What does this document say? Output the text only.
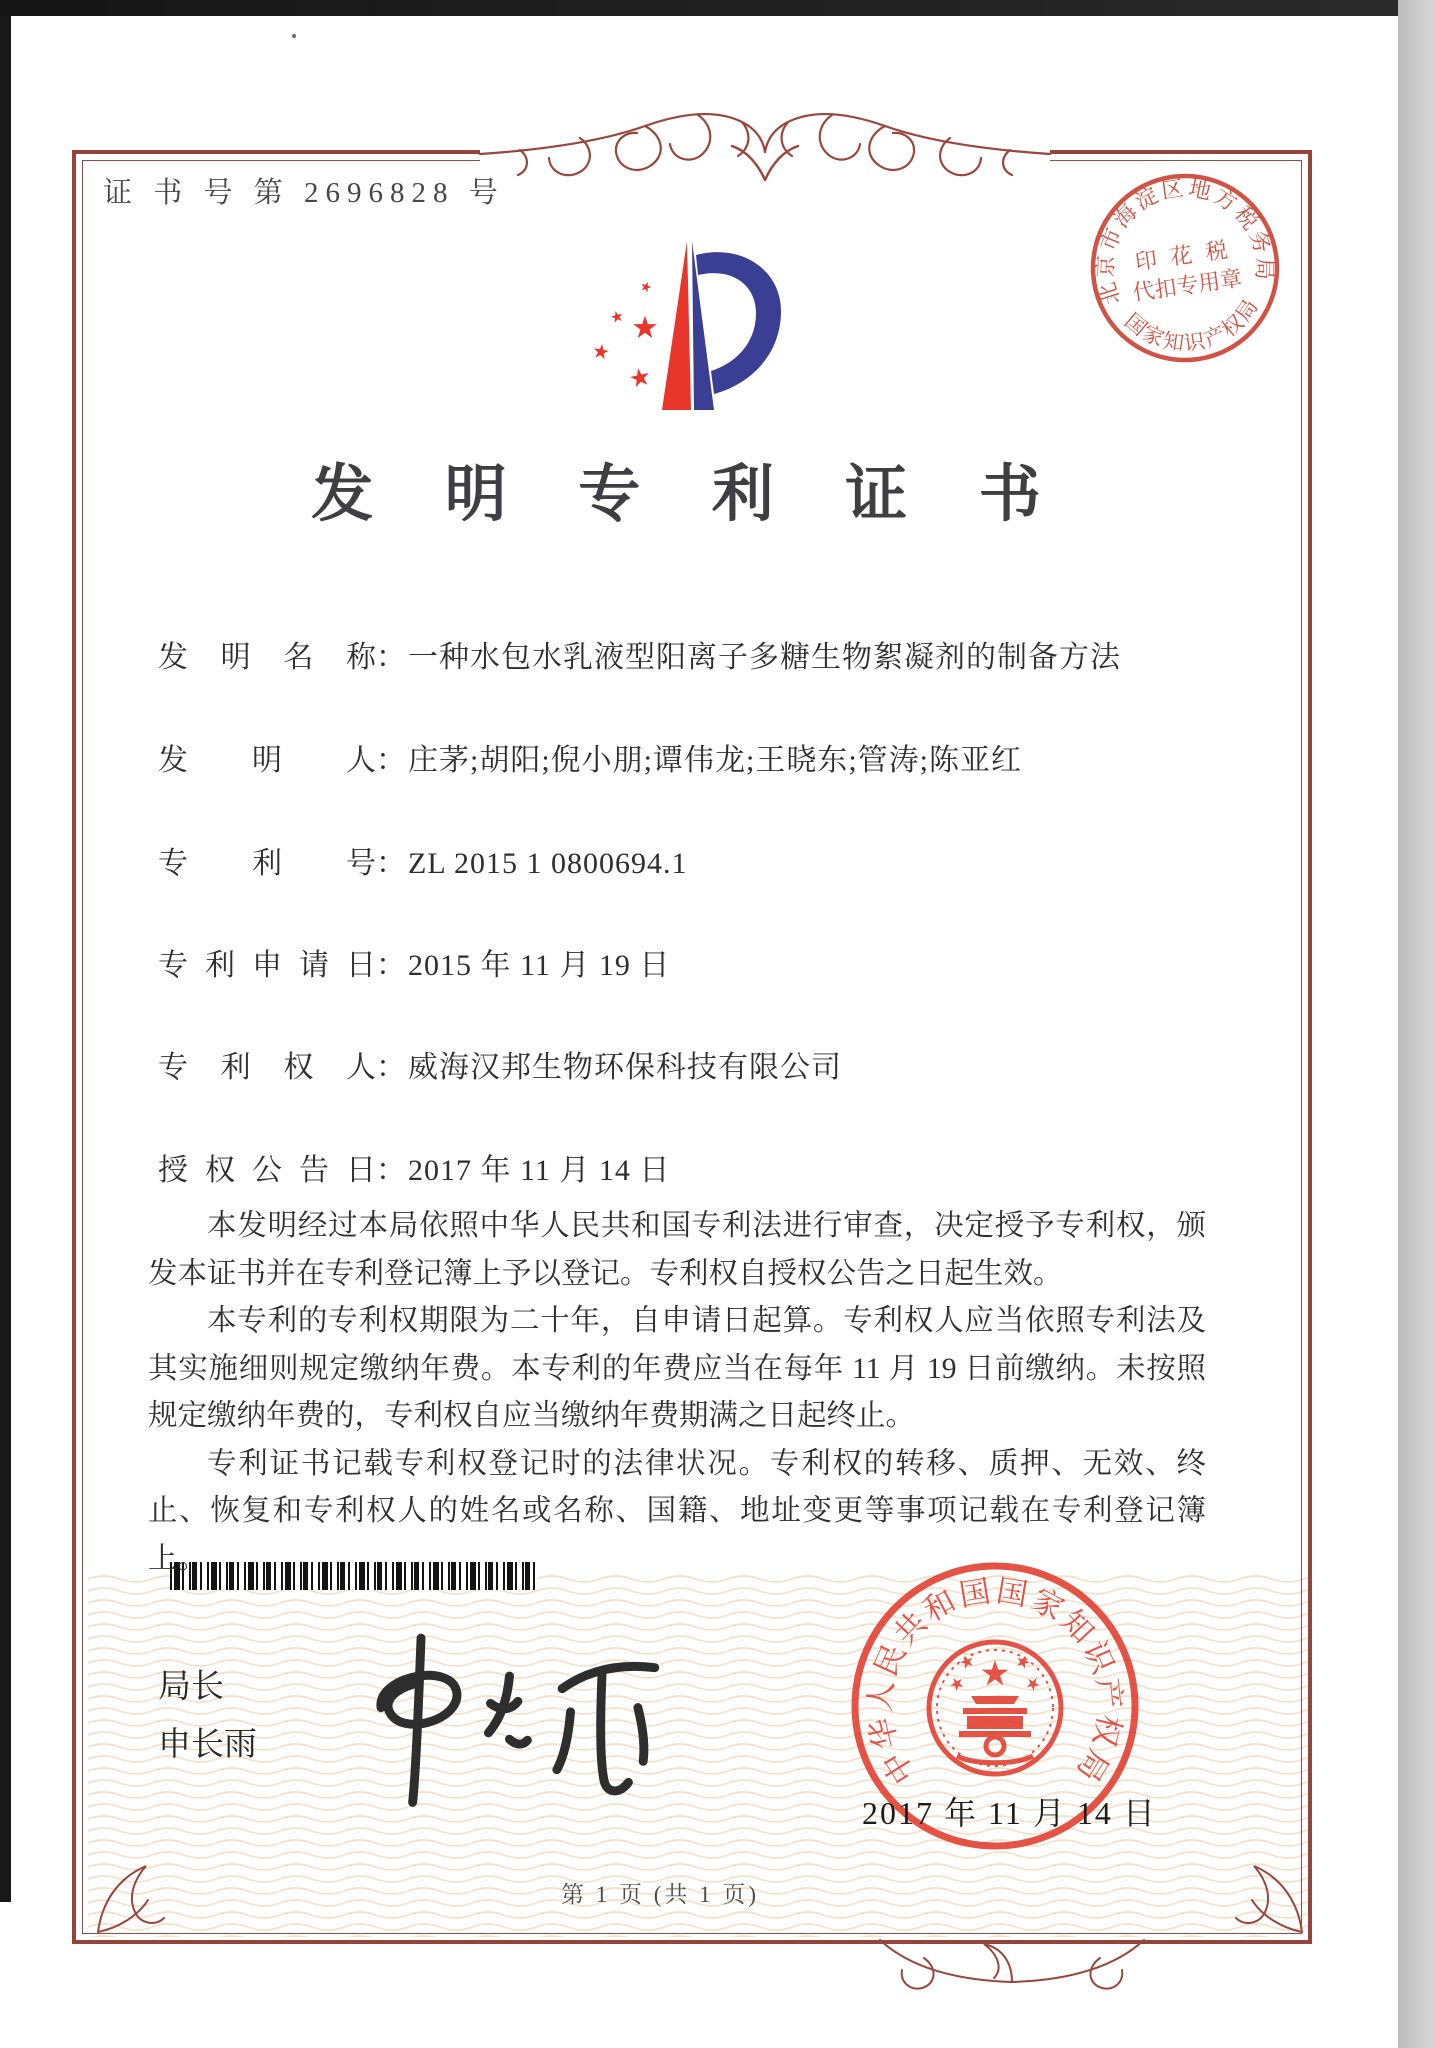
证 书 号 第 2696828 号
北京市海淀区地方税务局
国家知识产权局
印 花 税
代扣专用章
发 明 专 利 证 书
发明名称：一种水包水乳液型阳离子多糖生物絮凝剂的制备方法
发明人：庄茅;胡阳;倪小朋;谭伟龙;王晓东;管涛;陈亚红
专利号：ZL 2015 1 0800694.1
专利申请日：2015 年 11 月 19 日
专利权人：威海汉邦生物环保科技有限公司
授权公告日：2017 年 11 月 14 日

本发明经过本局依照中华人民共和国专利法进行审查，决定授予专利权，颁发本证书并在专利登记簿上予以登记。专利权自授权公告之日起生效。

本专利的专利权期限为二十年，自申请日起算。专利权人应当依照专利法及其实施细则规定缴纳年费。本专利的年费应当在每年 11 月 19 日前缴纳。未按照规定缴纳年费的，专利权自应当缴纳年费期满之日起终止。

专利证书记载专利权登记时的法律状况。专利权的转移、质押、无效、终止、恢复和专利权人的姓名或名称、国籍、地址变更等事项记载在专利登记簿上。

局长
申长雨	中华人民共和国国家知识产权局
2017 年 11 月 14 日
第 1 页 (共 1 页)
